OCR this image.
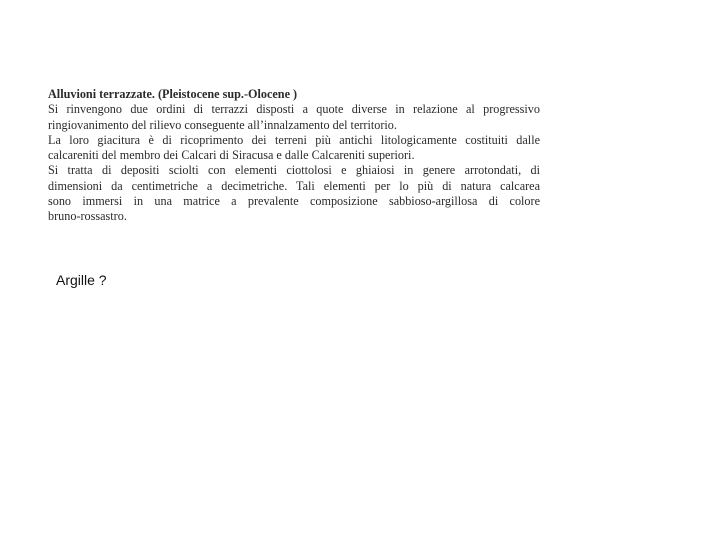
Alluvioni terrazzate. (Pleistocene sup.-Olocene )
Si rinvengono due ordini di terrazzi disposti a quote diverse in relazione al progressivo
ringiovanimento del rilievo conseguente all’innalzamento del territorio.
La loro giacitura è di ricoprimento dei terreni più antichi litologicamente costituiti dalle
calcareniti del membro dei Calcari di Siracusa e dalle Calcareniti superiori.
Si tratta di depositi sciolti con elementi ciottolosi e ghiaiosi in genere arrotondati, di
dimensioni da centimetriche a decimetriche. Tali elementi per lo più di natura calcarea
sono immersi in una matrice a prevalente composizione sabbioso-argillosa di colore
bruno-rossastro.
Argille ?
